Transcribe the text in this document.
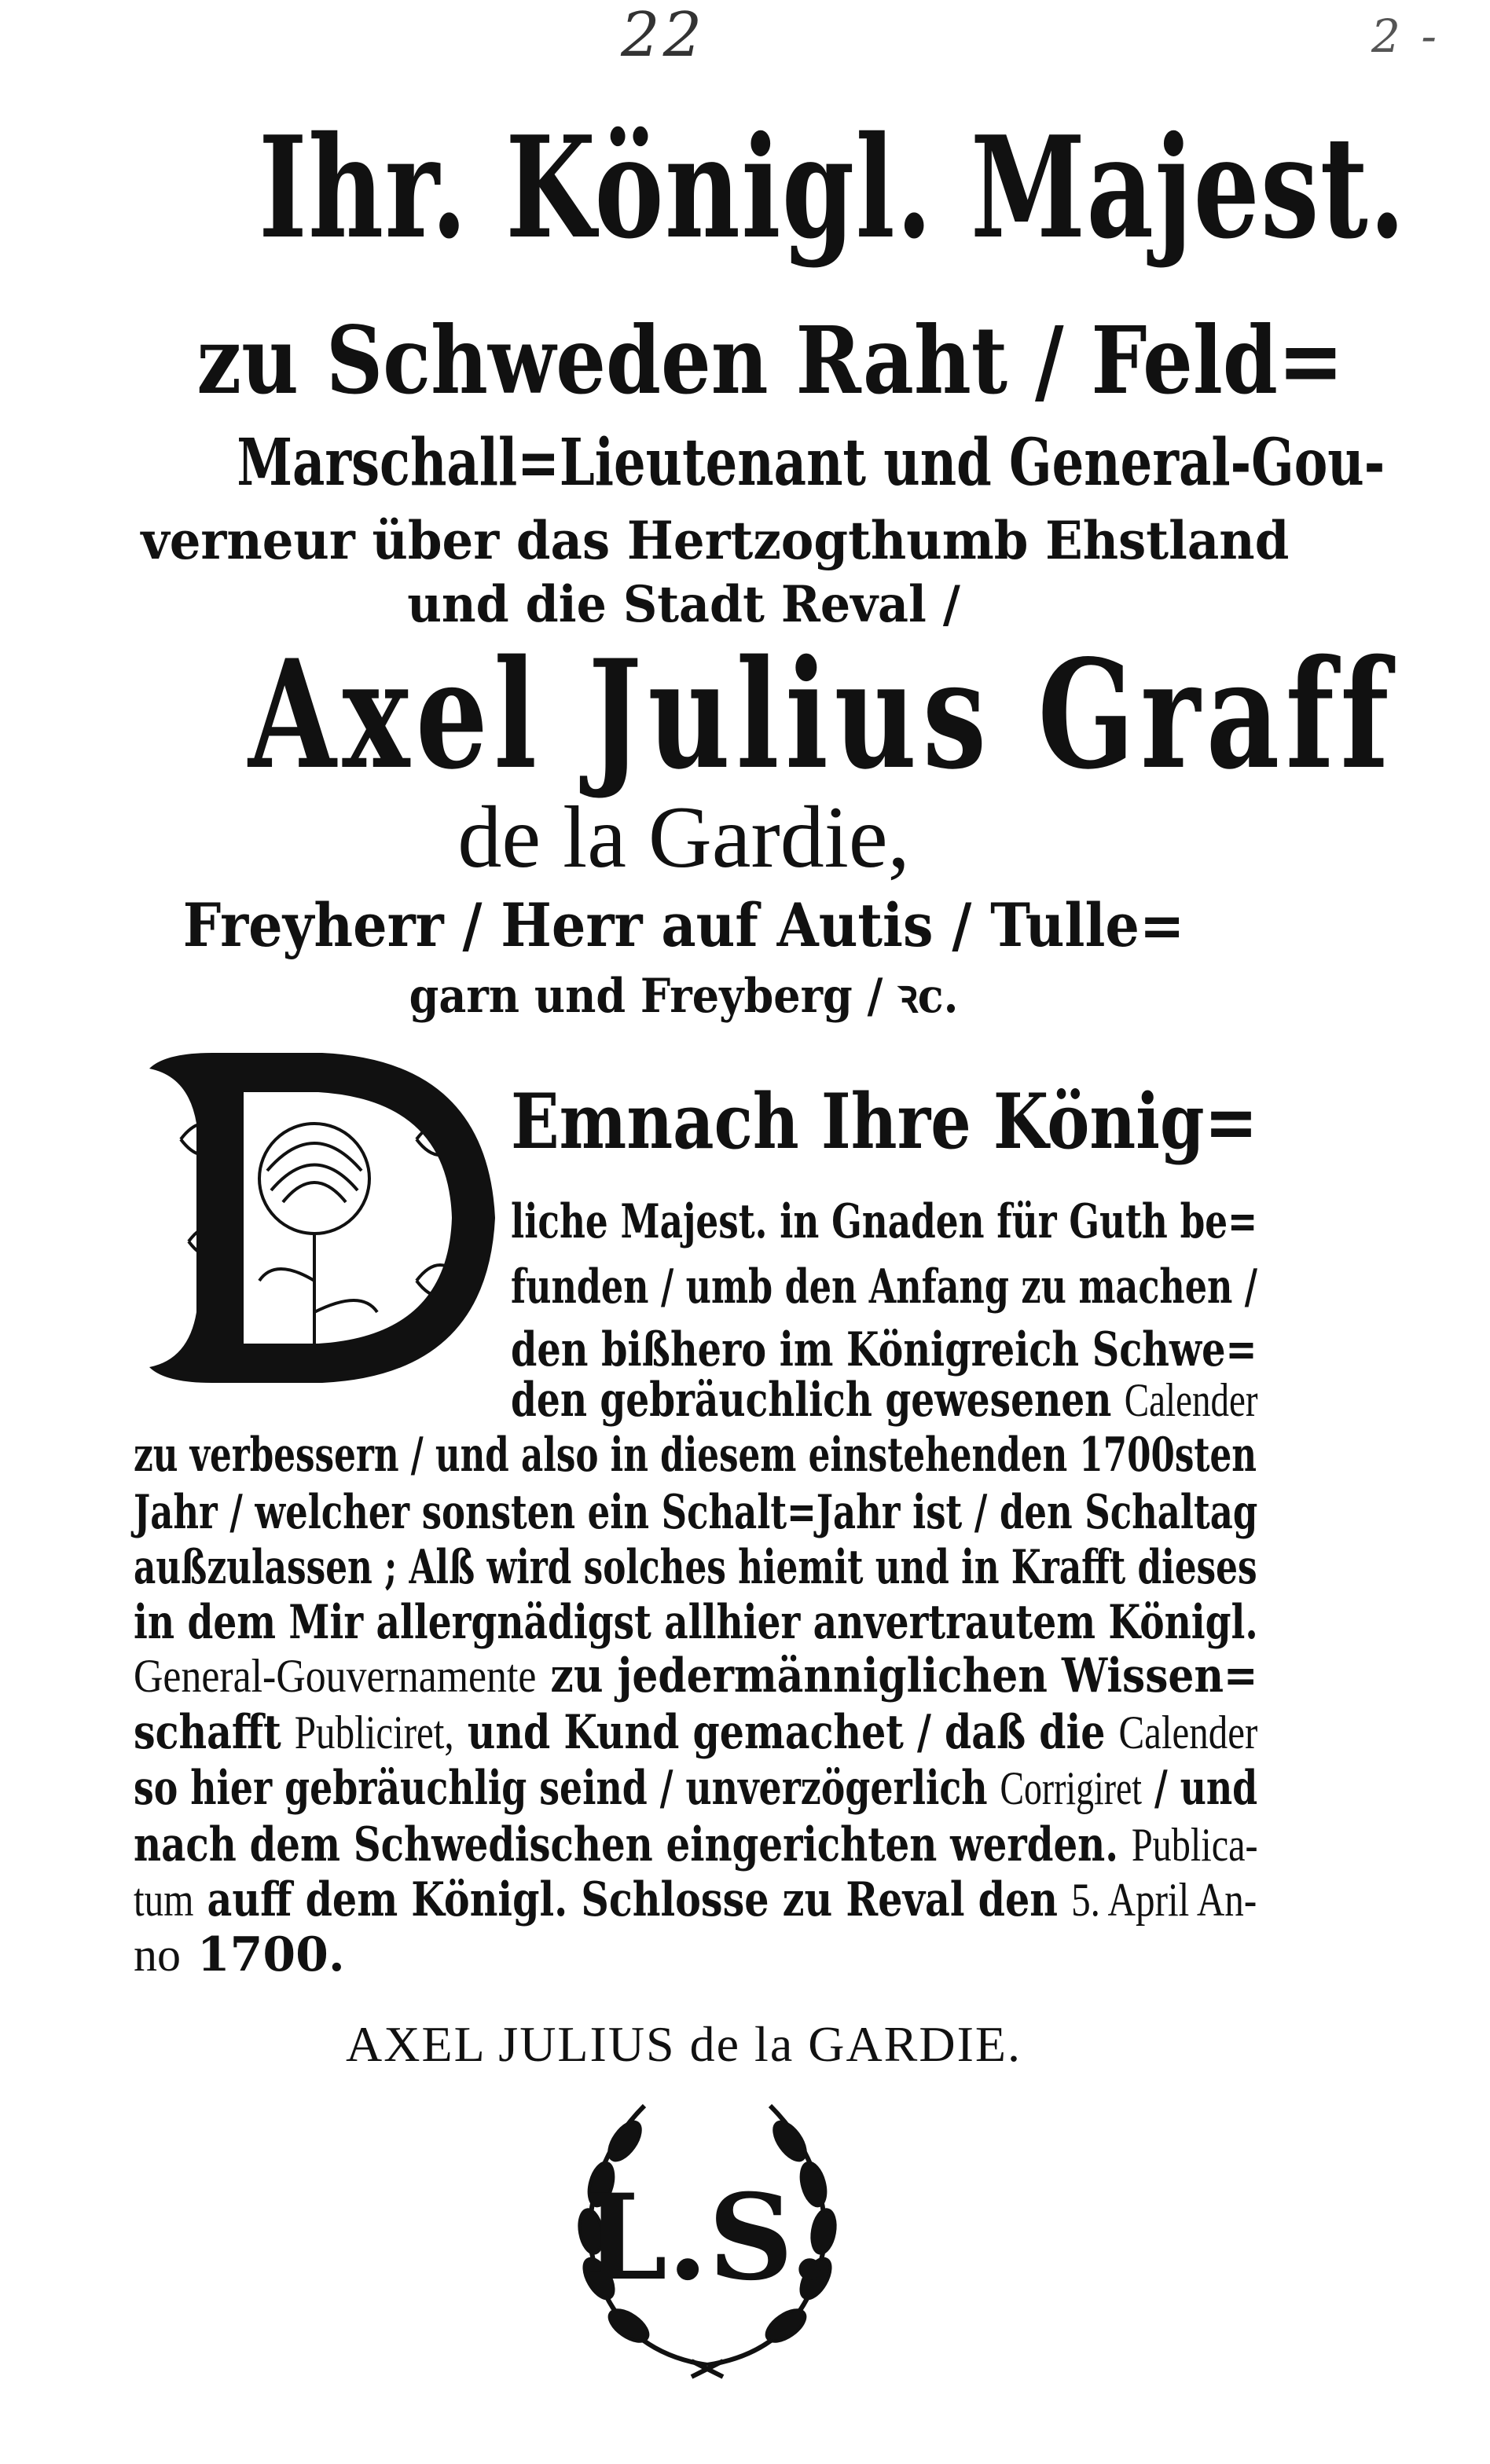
22	2 -
Ihr. Königl. Majest.
zu Schweden Raht / Feld=
Marschall=Lieutenant und General-Gou-
verneur über das Hertzogthumb Ehstland
und die Stadt Reval /
Axel Julius Graff
de la Gardie,
Freyherr / Herr auf Autis / Tulle=
garn und Freyberg / ꝛc.
D
Emnach Ihre König=
liche Majest. in Gnaden für Guth be=
funden / umb den Anfang zu machen /
den bißhero im Königreich Schwe=
den gebräuchlich gewesenen Calender
zu verbessern / und also in diesem einstehenden 1700sten
Jahr / welcher sonsten ein Schalt=Jahr ist / den Schaltag
außzulassen ; Alß wird solches hiemit und in Krafft dieses
in dem Mir allergnädigst allhier anvertrautem Königl.
General-Gouvernamente zu jedermänniglichen Wissen=
schafft Publiciret, und Kund gemachet / daß die Calender
so hier gebräuchlig seind / unverzögerlich Corrigiret / und
nach dem Schwedischen eingerichten werden. Publica-
tum auff dem Königl. Schlosse zu Reval den 5. April An-
no 1700.
AXEL JULIUS de la GARDIE.
L.S.
